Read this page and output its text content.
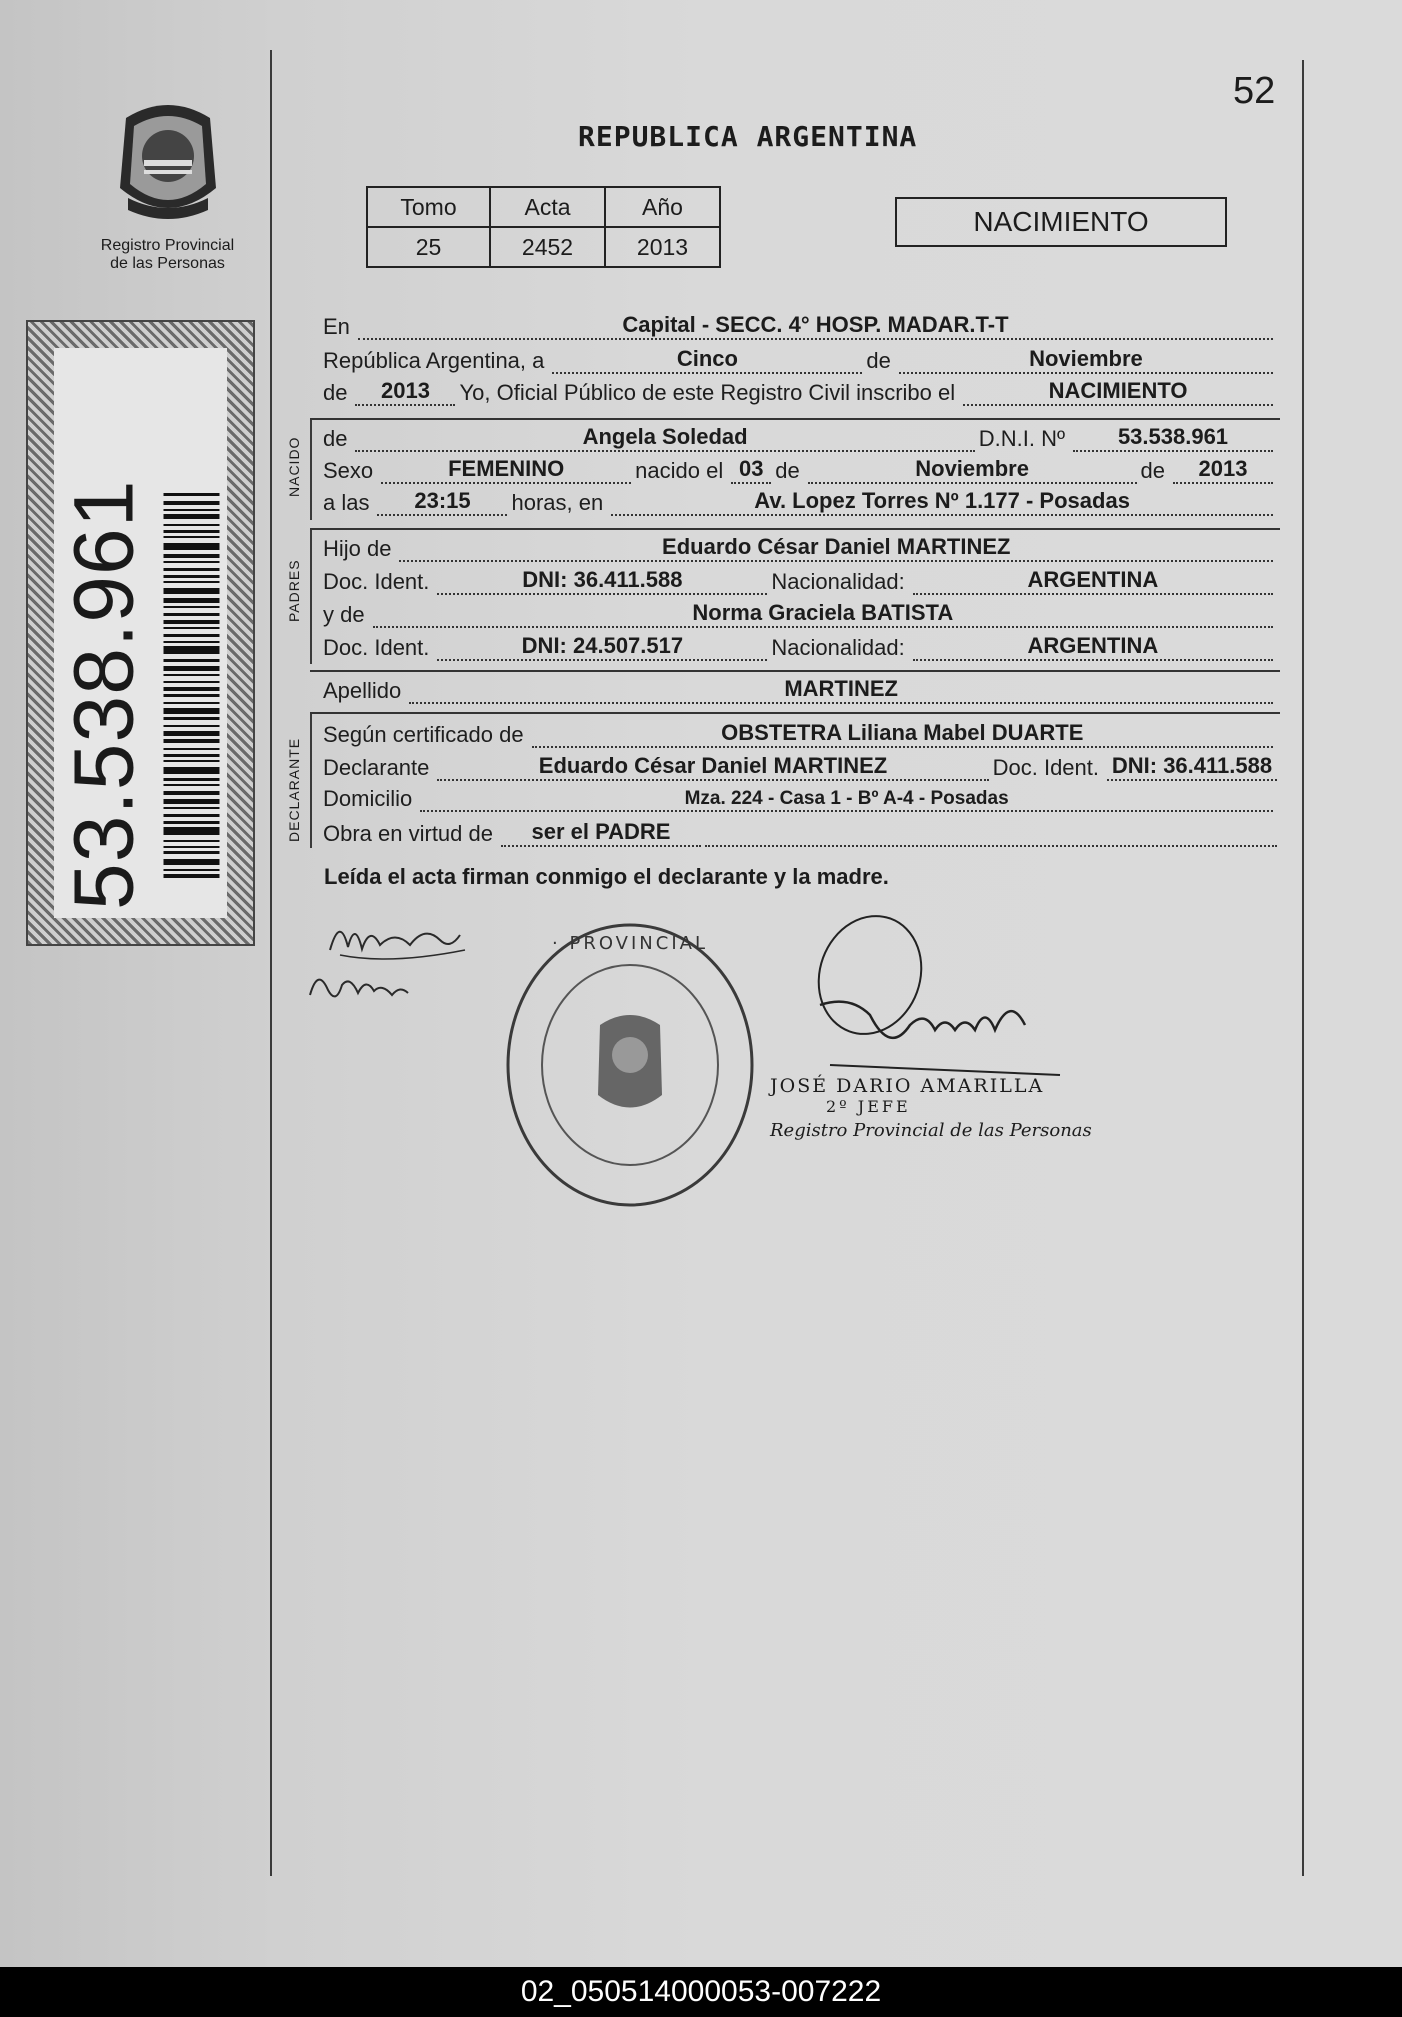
Registro Provincial
de las Personas
53.538.961
52
REPUBLICA ARGENTINA
Tomo	Acta	Año
25	2452	2013
NACIMIENTO
En	Capital - SECC. 4° HOSP. MADAR.T-T
República Argentina, a	Cinco	de	Noviembre
de	2013	Yo, Oficial Público de este Registro Civil inscribo el	NACIMIENTO
NACIDO de	Angela Soledad	D.N.I. Nº	53.538.961
Sexo	FEMENINO	nacido el 03 de	Noviembre	de	2013
a las	23:15	horas, en	Av. Lopez Torres Nº 1.177 - Posadas
PADRES
Hijo de	Eduardo César Daniel MARTINEZ
Doc. Ident.	DNI: 36.411.588	Nacionalidad:	ARGENTINA
y de	Norma Graciela BATISTA
Doc. Ident.	DNI: 24.507.517	Nacionalidad:	ARGENTINA
Apellido	MARTINEZ
DECLARANTE
Según certificado de	OBSTETRA Liliana Mabel DUARTE
Declarante	Eduardo César Daniel MARTINEZ	Doc. Ident. DNI: 36.411.588
Domicilio	Mza. 224 - Casa 1 - Bº A-4 - Posadas
Obra en virtud de	ser el PADRE
Leída el acta firman conmigo el declarante y la madre.
· PROVINCIAL
JOSÉ DARIO AMARILLA
2º JEFE
Registro Provincial de las Personas
02_050514000053-007222
